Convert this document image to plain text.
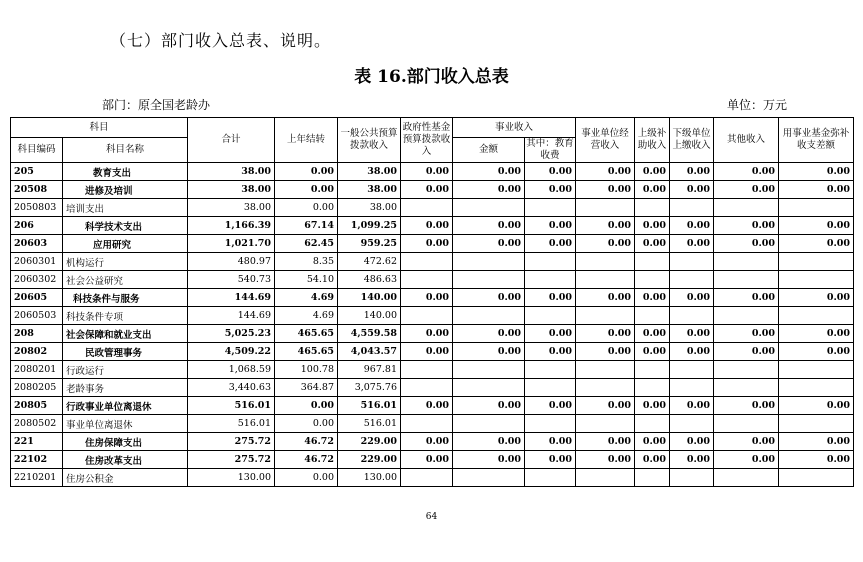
（七）部门收入总表、说明。
表 16.部门收入总表
部门：原全国老龄办	单位：万元
科目		合计	上年结转	一般公共预算拨款收入	政府性基金预算拨款收入	事业收入		事业单位经营收入	上级补助收入	下级单位上缴收入	其他收入	用事业基金弥补收支差额
科目编码	科目名称					金额	其中：教育收费					
205	教育支出	38.00	0.00	38.00	0.00	0.00	0.00	0.00	0.00	0.00	0.00	0.00
20508	进修及培训	38.00	0.00	38.00	0.00	0.00	0.00	0.00	0.00	0.00	0.00	0.00
2050803	培训支出	38.00	0.00	38.00								
206	科学技术支出	1,166.39	67.14	1,099.25	0.00	0.00	0.00	0.00	0.00	0.00	0.00	0.00
20603	应用研究	1,021.70	62.45	959.25	0.00	0.00	0.00	0.00	0.00	0.00	0.00	0.00
2060301	机构运行	480.97	8.35	472.62								
2060302	社会公益研究	540.73	54.10	486.63								
20605	科技条件与服务	144.69	4.69	140.00	0.00	0.00	0.00	0.00	0.00	0.00	0.00	0.00
2060503	科技条件专项	144.69	4.69	140.00								
208	社会保障和就业支出	5,025.23	465.65	4,559.58	0.00	0.00	0.00	0.00	0.00	0.00	0.00	0.00
20802	民政管理事务	4,509.22	465.65	4,043.57	0.00	0.00	0.00	0.00	0.00	0.00	0.00	0.00
2080201	行政运行	1,068.59	100.78	967.81								
2080205	老龄事务	3,440.63	364.87	3,075.76								
20805	行政事业单位离退休	516.01	0.00	516.01	0.00	0.00	0.00	0.00	0.00	0.00	0.00	0.00
2080502	事业单位离退休	516.01	0.00	516.01								
221	住房保障支出	275.72	46.72	229.00	0.00	0.00	0.00	0.00	0.00	0.00	0.00	0.00
22102	住房改革支出	275.72	46.72	229.00	0.00	0.00	0.00	0.00	0.00	0.00	0.00	0.00
2210201	住房公积金	130.00	0.00	130.00								
64
